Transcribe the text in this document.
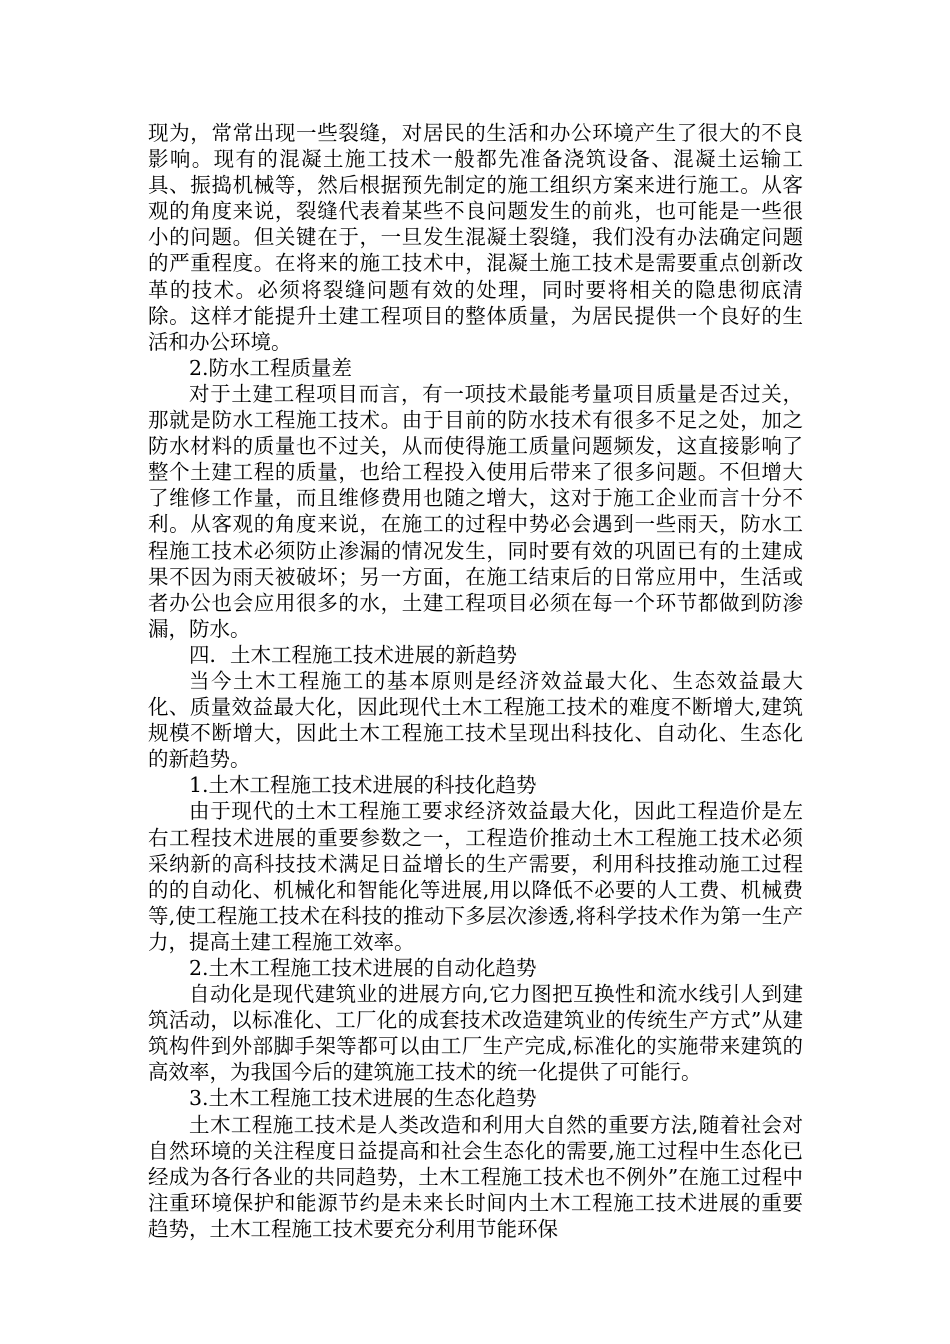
现为，常常出现一些裂缝，对居民的生活和办公环境产生了很大的不良影响。现有的混凝土施工技术一般都先准备浇筑设备、混凝土运输工具、振捣机械等，然后根据预先制定的施工组织方案来进行施工。从客观的角度来说，裂缝代表着某些不良问题发生的前兆，也可能是一些很小的问题。但关键在于，一旦发生混凝土裂缝，我们没有办法确定问题的严重程度。在将来的施工技术中，混凝土施工技术是需要重点创新改革的技术。必须将裂缝问题有效的处理，同时要将相关的隐患彻底清除。这样才能提升土建工程项目的整体质量，为居民提供一个良好的生活和办公环境。

2.防水工程质量差

对于土建工程项目而言，有一项技术最能考量项目质量是否过关，那就是防水工程施工技术。由于目前的防水技术有很多不足之处，加之防水材料的质量也不过关，从而使得施工质量问题频发，这直接影响了整个土建工程的质量，也给工程投入使用后带来了很多问题。不但增大了维修工作量，而且维修费用也随之增大，这对于施工企业而言十分不利。从客观的角度来说，在施工的过程中势必会遇到一些雨天，防水工程施工技术必须防止渗漏的情况发生，同时要有效的巩固已有的土建成果不因为雨天被破坏；另一方面，在施工结束后的日常应用中，生活或者办公也会应用很多的水，土建工程项目必须在每一个环节都做到防渗漏，防水。

四．土木工程施工技术进展的新趋势

当今土木工程施工的基本原则是经济效益最大化、生态效益最大化、质量效益最大化，因此现代土木工程施工技术的难度不断增大,建筑规模不断增大，因此土木工程施工技术呈现出科技化、自动化、生态化的新趋势。

1.土木工程施工技术进展的科技化趋势

由于现代的土木工程施工要求经济效益最大化，因此工程造价是左右工程技术进展的重要参数之一，工程造价推动土木工程施工技术必须采纳新的高科技技术满足日益增长的生产需要，利用科技推动施工过程的的自动化、机械化和智能化等进展,用以降低不必要的人工费、机械费等,使工程施工技术在科技的推动下多层次渗透,将科学技术作为第一生产力，提高土建工程施工效率。

2.土木工程施工技术进展的自动化趋势

自动化是现代建筑业的进展方向,它力图把互换性和流水线引人到建筑活动，以标准化、工厂化的成套技术改造建筑业的传统生产方式”从建筑构件到外部脚手架等都可以由工厂生产完成,标准化的实施带来建筑的高效率，为我国今后的建筑施工技术的统一化提供了可能行。

3.土木工程施工技术进展的生态化趋势

土木工程施工技术是人类改造和利用大自然的重要方法,随着社会对自然环境的关注程度日益提高和社会生态化的需要,施工过程中生态化已经成为各行各业的共同趋势，土木工程施工技术也不例外”在施工过程中注重环境保护和能源节约是未来长时间内土木工程施工技术进展的重要趋势，土木工程施工技术要充分利用节能环保
